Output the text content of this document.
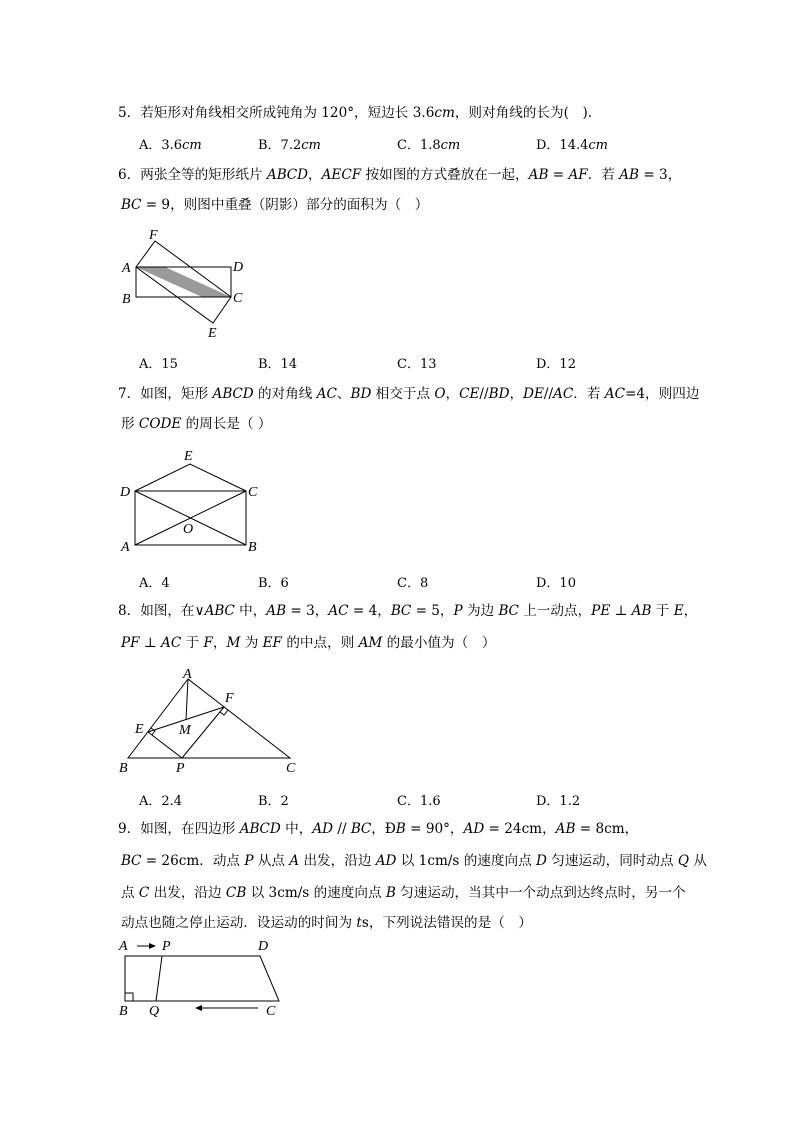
5．若矩形对角线相交所成钝角为 120°，短边长 3.6𝑐𝑚，则对角线的长为(　).
A．3.6𝑐𝑚	B．7.2𝑐𝑚	C．1.8𝑐𝑚	D．14.4𝑐𝑚
6．两张全等的矩形纸片 𝐴𝐵𝐶𝐷，𝐴𝐸𝐶𝐹 按如图的方式叠放在一起，𝐴𝐵 = 𝐴𝐹．若 𝐴𝐵 = 3，
𝐵𝐶 = 9，则图中重叠（阴影）部分的面积为（　）
F
A	D
B	C
E
A．15	B．14	C．13	D．12
7．如图，矩形 𝐴𝐵𝐶𝐷 的对角线 𝐴𝐶、𝐵𝐷 相交于点 𝑂，𝐶𝐸//𝐵𝐷，𝐷𝐸//𝐴𝐶．若 𝐴𝐶=4，则四边
形 𝐶𝑂𝐷𝐸 的周长是（ ）
E
D	C
O
A	B
A．4	B．6	C．8	D．10
8．如图，在∨𝐴𝐵𝐶 中，𝐴𝐵 = 3，𝐴𝐶 = 4，𝐵𝐶 = 5，𝑃 为边 𝐵𝐶 上一动点，𝑃𝐸 ⊥ 𝐴𝐵 于 𝐸，
𝑃𝐹 ⊥ 𝐴𝐶 于 𝐹，𝑀 为 𝐸𝐹 的中点，则 𝐴𝑀 的最小值为（　）
A
F
E	M
B	P	C
A．2.4	B．2	C．1.6	D．1.2
9．如图，在四边形 𝐴𝐵𝐶𝐷 中，𝐴𝐷 // 𝐵𝐶，Ð𝐵 = 90°，𝐴𝐷 = 24cm，𝐴𝐵 = 8cm，
𝐵𝐶 = 26cm．动点 𝑃 从点 𝐴 出发，沿边 𝐴𝐷 以 1cm/s 的速度向点 𝐷 匀速运动，同时动点 𝑄 从
点 𝐶 出发，沿边 𝐶𝐵 以 3cm/s 的速度向点 𝐵 匀速运动，当其中一个动点到达终点时，另一个
动点也随之停止运动．设运动的时间为 𝑡s，下列说法错误的是（　）
A P	D
B Q	C
